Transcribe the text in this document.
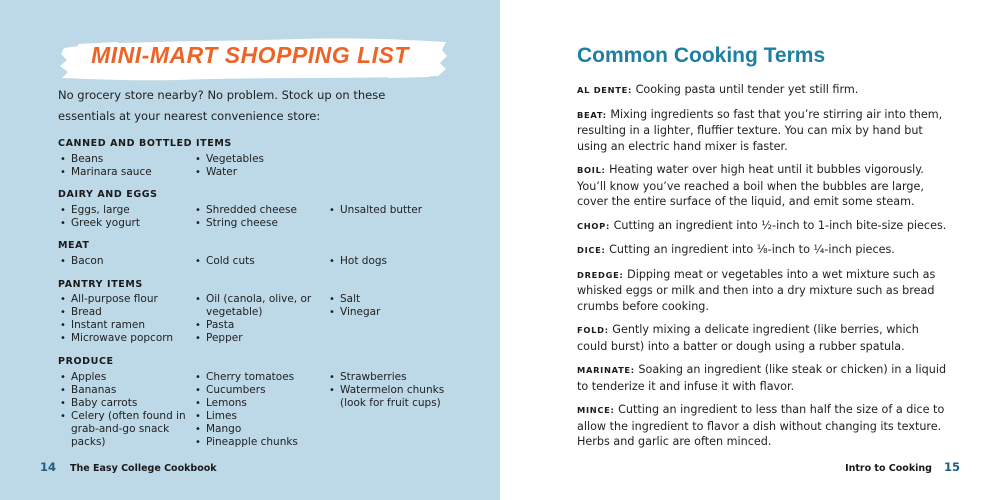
MINI-MART SHOPPING LIST
No grocery store nearby? No problem. Stock up on these essentials at your nearest convenience store:
CANNED AND BOTTLED ITEMS
• Beans
• Marinara sauce
• Vegetables
• Water
DAIRY AND EGGS
• Eggs, large
• Greek yogurt
• Shredded cheese
• String cheese
• Unsalted butter
MEAT
• Bacon	• Cold cuts	• Hot dogs
PANTRY ITEMS
• All-purpose flour
• Bread
• Instant ramen
• Microwave popcorn
• Oil (canola, olive, or vegetable)
• Pasta
• Pepper
• Salt
• Vinegar
PRODUCE
• Apples
• Bananas
• Baby carrots
• Celery (often found in grab-and-go snack packs)
• Cherry tomatoes
• Cucumbers
• Lemons
• Limes
• Mango
• Pineapple chunks
• Strawberries
• Watermelon chunks (look for fruit cups)
14 The Easy College Cookbook
Common Cooking Terms

AL DENTE: Cooking pasta until tender yet still firm.

BEAT: Mixing ingredients so fast that you’re stirring air into them, resulting in a lighter, fluffier texture. You can mix by hand but using an electric hand mixer is faster.

BOIL: Heating water over high heat until it bubbles vigorously. You’ll know you’ve reached a boil when the bubbles are large, cover the entire surface of the liquid, and emit some steam.

CHOP: Cutting an ingredient into ½-inch to 1-inch bite-size pieces.

DICE: Cutting an ingredient into ⅛-inch to ¼-inch pieces.

DREDGE: Dipping meat or vegetables into a wet mixture such as whisked eggs or milk and then into a dry mixture such as bread crumbs before cooking.

FOLD: Gently mixing a delicate ingredient (like berries, which could burst) into a batter or dough using a rubber spatula.

MARINATE: Soaking an ingredient (like steak or chicken) in a liquid to tenderize it and infuse it with flavor.

MINCE: Cutting an ingredient to less than half the size of a dice to allow the ingredient to flavor a dish without changing its texture. Herbs and garlic are often minced.

Intro to Cooking 15
